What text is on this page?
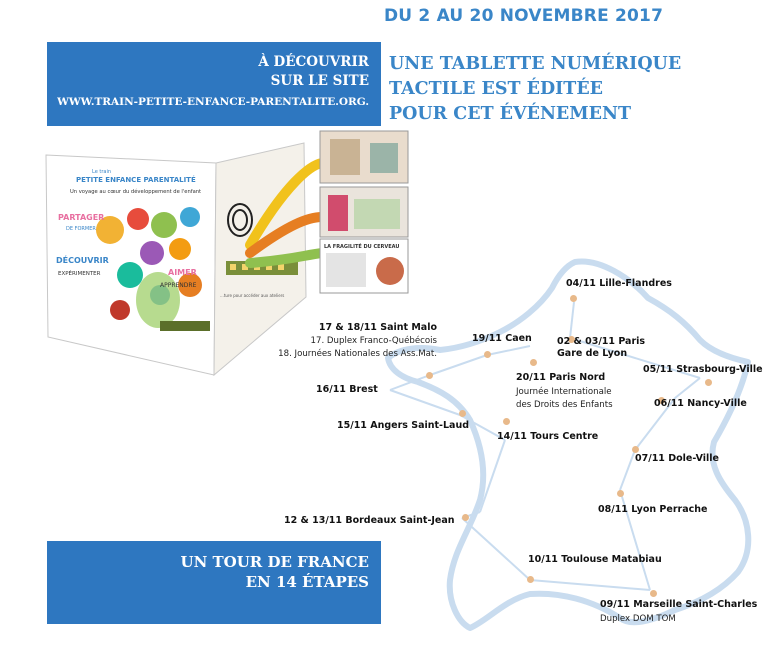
DU 2 AU 20 NOVEMBRE 2017
À DÉCOUVRIR
SUR LE SITE
WWW.TRAIN-PETITE-ENFANCE-PARENTALITE.ORG.
UNE TABLETTE NUMÉRIQUE
TACTILE EST ÉDITÉE
POUR CET ÉVÉNEMENT
Le train
PETITE ENFANCE PARENTALITÉ
Un voyage au cœur du développement de l'enfant
PARTAGER
DE FORMER
DÉCOUVRIR
EXPÉRIMENTER	AIMER
APPRENDRE
...ture pour accéder aux ateliers
LA FRAGILITÉ DU CERVEAU
04/11 Lille-Flandres
19/11 Caen	02 & 03/11 Paris
Gare de Lyon
17 & 18/11 Saint Malo
17. Duplex Franco-Québécois
18. Journées Nationales des Ass.Mat.
05/11 Strasbourg-Ville
20/11 Paris Nord
Journée Internationale
des Droits des Enfants
16/11 Brest
06/11 Nancy-Ville
15/11 Angers Saint-Laud
14/11 Tours Centre
07/11 Dole-Ville
08/11 Lyon Perrache
12 & 13/11 Bordeaux Saint-Jean
10/11 Toulouse Matabiau
09/11 Marseille Saint-Charles
Duplex DOM TOM
UN TOUR DE FRANCE
EN 14 ÉTAPES
